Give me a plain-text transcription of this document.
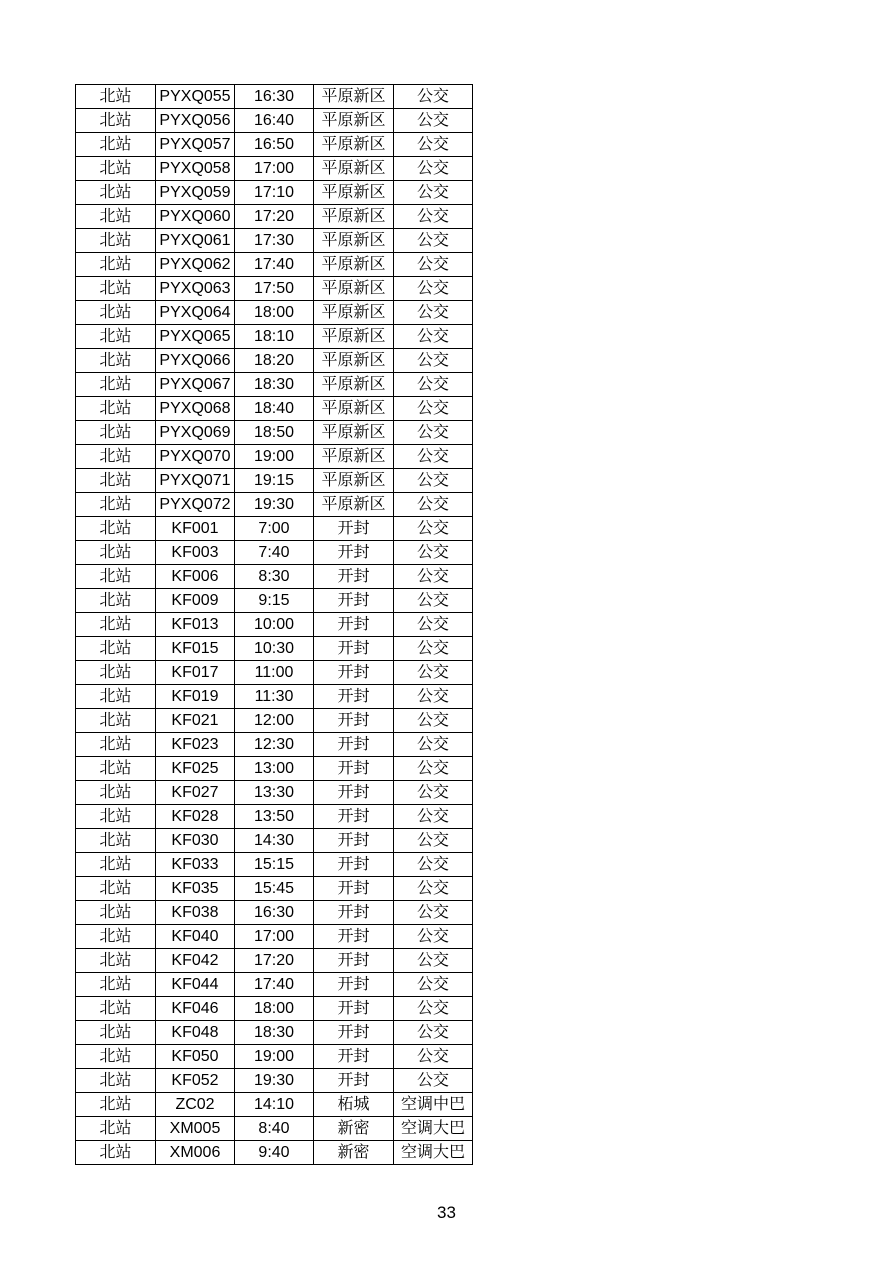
北站	PYXQ055	16:30	平原新区	公交
北站	PYXQ056	16:40	平原新区	公交
北站	PYXQ057	16:50	平原新区	公交
北站	PYXQ058	17:00	平原新区	公交
北站	PYXQ059	17:10	平原新区	公交
北站	PYXQ060	17:20	平原新区	公交
北站	PYXQ061	17:30	平原新区	公交
北站	PYXQ062	17:40	平原新区	公交
北站	PYXQ063	17:50	平原新区	公交
北站	PYXQ064	18:00	平原新区	公交
北站	PYXQ065	18:10	平原新区	公交
北站	PYXQ066	18:20	平原新区	公交
北站	PYXQ067	18:30	平原新区	公交
北站	PYXQ068	18:40	平原新区	公交
北站	PYXQ069	18:50	平原新区	公交
北站	PYXQ070	19:00	平原新区	公交
北站	PYXQ071	19:15	平原新区	公交
北站	PYXQ072	19:30	平原新区	公交
北站	KF001	7:00	开封	公交
北站	KF003	7:40	开封	公交
北站	KF006	8:30	开封	公交
北站	KF009	9:15	开封	公交
北站	KF013	10:00	开封	公交
北站	KF015	10:30	开封	公交
北站	KF017	11:00	开封	公交
北站	KF019	11:30	开封	公交
北站	KF021	12:00	开封	公交
北站	KF023	12:30	开封	公交
北站	KF025	13:00	开封	公交
北站	KF027	13:30	开封	公交
北站	KF028	13:50	开封	公交
北站	KF030	14:30	开封	公交
北站	KF033	15:15	开封	公交
北站	KF035	15:45	开封	公交
北站	KF038	16:30	开封	公交
北站	KF040	17:00	开封	公交
北站	KF042	17:20	开封	公交
北站	KF044	17:40	开封	公交
北站	KF046	18:00	开封	公交
北站	KF048	18:30	开封	公交
北站	KF050	19:00	开封	公交
北站	KF052	19:30	开封	公交
北站	ZC02	14:10	柘城	空调中巴
北站	XM005	8:40	新密	空调大巴
北站	XM006	9:40	新密	空调大巴
33
